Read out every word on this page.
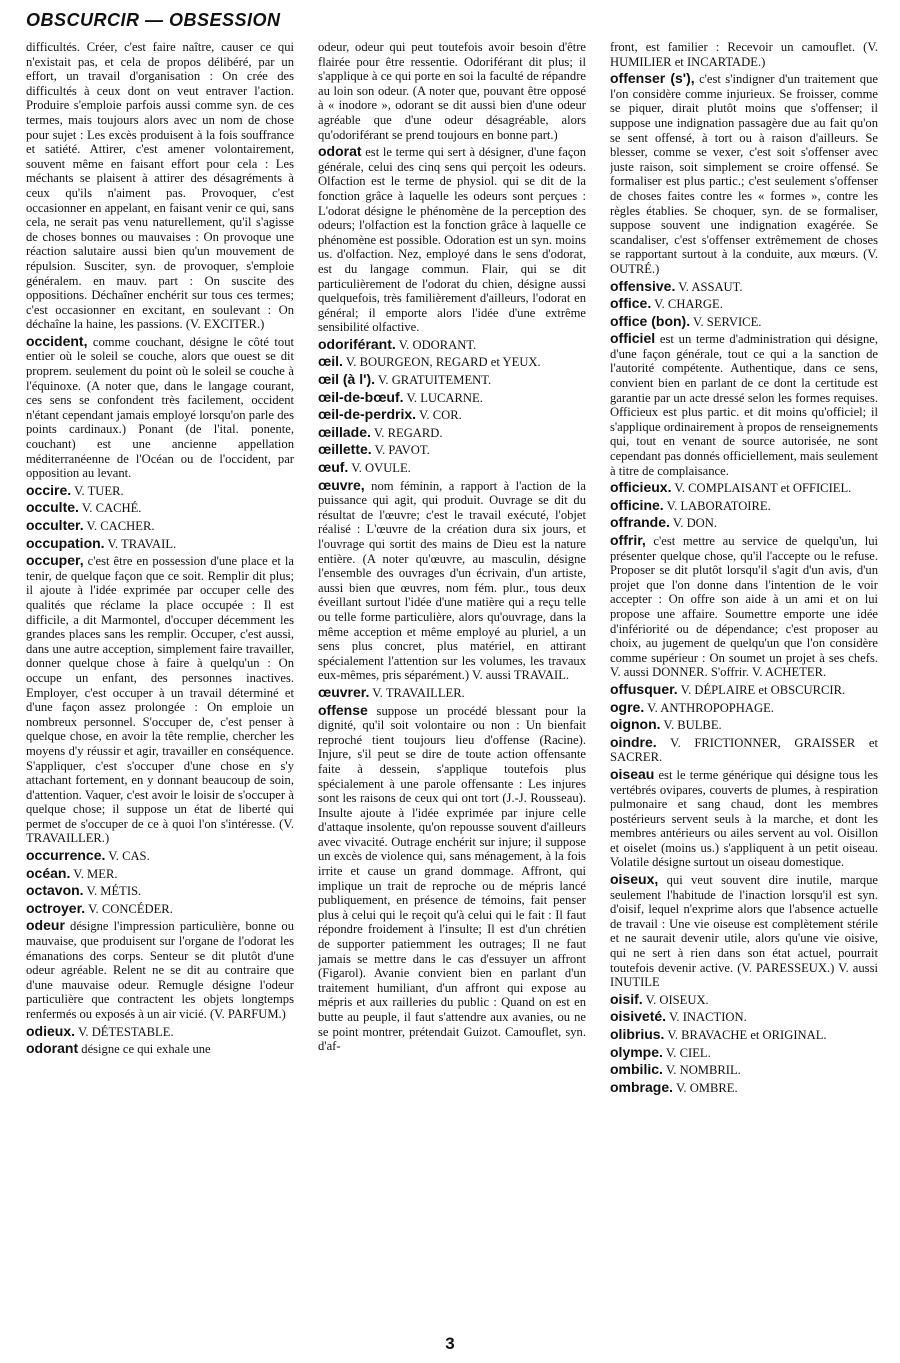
OBSCURCIR — OBSESSION
difficultés. Créer, c'est faire naître, causer ce qui n'existait pas, et cela de propos délibéré, par un effort, un travail d'organisation : On crée des difficultés à ceux dont on veut entraver l'action. Produire s'emploie parfois aussi comme syn. de ces termes, mais toujours alors avec un nom de chose pour sujet : Les excès produisent à la fois souffrance et satiété. Attirer, c'est amener volontairement, souvent même en faisant effort pour cela : Les méchants se plaisent à attirer des désagréments à ceux qu'ils n'aiment pas. Provoquer, c'est occasionner en appelant, en faisant venir ce qui, sans cela, ne serait pas venu naturellement, qu'il s'agisse de choses bonnes ou mauvaises : On provoque une réaction salutaire aussi bien qu'un mouvement de répulsion. Susciter, syn. de provoquer, s'emploie généralem. en mauv. part : On suscite des oppositions. Déchaîner enchérit sur tous ces termes; c'est occasionner en excitant, en soulevant : On déchaîne la haine, les passions. (V. EXCITER.)
occident, comme couchant, désigne le côté tout entier où le soleil se couche, alors que ouest se dit proprem. seulement du point où le soleil se couche à l'équinoxe. (A noter que, dans le langage courant, ces sens se confondent très facilement, occident n'étant cependant jamais employé lorsqu'on parle des points cardinaux.) Ponant (de l'ital. ponente, couchant) est une ancienne appellation méditerranéenne de l'Océan ou de l'occident, par opposition au levant.
occire. V. TUER.
occulte. V. CACHÉ.
occulter. V. CACHER.
occupation. V. TRAVAIL.
occuper, c'est être en possession d'une place et la tenir, de quelque façon que ce soit. Remplir dit plus; il ajoute à l'idée exprimée par occuper celle des qualités que réclame la place occupée : Il est difficile, a dit Marmontel, d'occuper décemment les grandes places sans les remplir. Occuper, c'est aussi, dans une autre acception, simplement faire travailler, donner quelque chose à faire à quelqu'un : On occupe un enfant, des personnes inactives. Employer, c'est occuper à un travail déterminé et d'une façon assez prolongée : On emploie un nombreux personnel. S'occuper de, c'est penser à quelque chose, en avoir la tête remplie, chercher les moyens d'y réussir et agir, travailler en conséquence. S'appliquer, c'est s'occuper d'une chose en s'y attachant fortement, en y donnant beaucoup de soin, d'attention. Vaquer, c'est avoir le loisir de s'occuper à quelque chose; il suppose un état de liberté qui permet de s'occuper de ce à quoi l'on s'intéresse. (V. TRAVAILLER.)
occurrence. V. CAS.
océan. V. MER.
octavon. V. MÉTIS.
octroyer. V. CONCÉDER.
odeur désigne l'impression particulière, bonne ou mauvaise, que produisent sur l'organe de l'odorat les émanations des corps. Senteur se dit plutôt d'une odeur agréable. Relent ne se dit au contraire que d'une mauvaise odeur. Remugle désigne l'odeur particulière que contractent les objets longtemps renfermés ou exposés à un air vicié. (V. PARFUM.)
odieux. V. DÉTESTABLE.
odorant désigne ce qui exhale une
odeur, odeur qui peut toutefois avoir besoin d'être flairée pour être ressentie. Odoriférant dit plus; il s'applique à ce qui porte en soi la faculté de répandre au loin son odeur. (A noter que, pouvant être opposé à « inodore », odorant se dit aussi bien d'une odeur agréable que d'une odeur désagréable, alors qu'odoriférant se prend toujours en bonne part.)
odorat est le terme qui sert à désigner, d'une façon générale, celui des cinq sens qui perçoit les odeurs. Olfaction est le terme de physiol. qui se dit de la fonction grâce à laquelle les odeurs sont perçues : L'odorat désigne le phénomène de la perception des odeurs; l'olfaction est la fonction grâce à laquelle ce phénomène est possible. Odoration est un syn. moins us. d'olfaction. Nez, employé dans le sens d'odorat, est du langage commun. Flair, qui se dit particulièrement de l'odorat du chien, désigne aussi quelquefois, très familièrement d'ailleurs, l'odorat en général; il emporte alors l'idée d'une extrême sensibilité olfactive.
odoriférant. V. ODORANT.
œil. V. BOURGEON, REGARD et YEUX.
œil (à l'). V. GRATUITEMENT.
œil-de-bœuf. V. LUCARNE.
œil-de-perdrix. V. COR.
œillade. V. REGARD.
œillette. V. PAVOT.
œuf. V. OVULE.
œuvre, nom féminin, a rapport à l'action de la puissance qui agit, qui produit. Ouvrage se dit du résultat de l'œuvre; c'est le travail exécuté, l'objet réalisé : L'œuvre de la création dura six jours, et l'ouvrage qui sortit des mains de Dieu est la nature entière. (A noter qu'œuvre, au masculin, désigne l'ensemble des ouvrages d'un écrivain, d'un artiste, aussi bien que œuvres, nom fém. plur., tous deux éveillant surtout l'idée d'une matière qui a reçu telle ou telle forme particulière, alors qu'ouvrage, dans la même acception et même employé au pluriel, a un sens plus concret, plus matériel, en attirant spécialement l'attention sur les volumes, les travaux eux-mêmes, pris séparément.) V. aussi TRAVAIL.
œuvrer. V. TRAVAILLER.
offense suppose un procédé blessant pour la dignité, qu'il soit volontaire ou non : Un bienfait reproché tient toujours lieu d'offense (Racine). Injure, s'il peut se dire de toute action offensante faite à dessein, s'applique toutefois plus spécialement à une parole offensante : Les injures sont les raisons de ceux qui ont tort (J.-J. Rousseau). Insulte ajoute à l'idée exprimée par injure celle d'attaque insolente, qu'on repousse souvent d'ailleurs avec vivacité. Outrage enchérit sur injure; il suppose un excès de violence qui, sans ménagement, à la fois irrite et cause un grand dommage. Affront, qui implique un trait de reproche ou de mépris lancé publiquement, en présence de témoins, fait penser plus à celui qui le reçoit qu'à celui qui le fait : Il faut répondre froidement à l'insulte; Il est d'un chrétien de supporter patiemment les outrages; Il ne faut jamais se mettre dans le cas d'essuyer un affront (Figarol). Avanie convient bien en parlant d'un traitement humiliant, d'un affront qui expose au mépris et aux railleries du public : Quand on est en butte au peuple, il faut s'attendre aux avanies, ou ne se point montrer, prétendait Guizot. Camouflet, syn. d'af-
front, est familier : Recevoir un camouflet. (V. HUMILIER et INCARTADE.)
offenser (s'), c'est s'indigner d'un traitement que l'on considère comme injurieux. Se froisser, comme se piquer, dirait plutôt moins que s'offenser; il suppose une indignation passagère due au fait qu'on se sent offensé, à tort ou à raison d'ailleurs. Se blesser, comme se vexer, c'est soit s'offenser avec juste raison, soit simplement se croire offensé. Se formaliser est plus partic.; c'est seulement s'offenser de choses faites contre les « formes », contre les règles établies. Se choquer, syn. de se formaliser, suppose souvent une indignation exagérée. Se scandaliser, c'est s'offenser extrêmement de choses se rapportant surtout à la conduite, aux mœurs. (V. OUTRÉ.)
offensive. V. ASSAUT.
office. V. CHARGE.
office (bon). V. SERVICE.
officiel est un terme d'administration qui désigne, d'une façon générale, tout ce qui a la sanction de l'autorité compétente. Authentique, dans ce sens, convient bien en parlant de ce dont la certitude est garantie par un acte dressé selon les formes requises. Officieux est plus partic. et dit moins qu'officiel; il s'applique ordinairement à propos de renseignements qui, tout en venant de source autorisée, ne sont cependant pas donnés officiellement, mais seulement à titre de complaisance.
officieux. V. COMPLAISANT et OFFICIEL.
officine. V. LABORATOIRE.
offrande. V. DON.
offrir, c'est mettre au service de quelqu'un, lui présenter quelque chose, qu'il l'accepte ou le refuse. Proposer se dit plutôt lorsqu'il s'agit d'un avis, d'un projet que l'on donne dans l'intention de le voir accepter : On offre son aide à un ami et on lui propose une affaire. Soumettre emporte une idée d'infériorité ou de dépendance; c'est proposer au choix, au jugement de quelqu'un que l'on considère comme supérieur : On soumet un projet à ses chefs. V. aussi DONNER. S'offrir. V. ACHETER.
offusquer. V. DÉPLAIRE et OBSCURCIR.
ogre. V. ANTHROPOPHAGE.
oignon. V. BULBE.
oindre. V. FRICTIONNER, GRAISSER et SACRER.
oiseau est le terme générique qui désigne tous les vertébrés ovipares, couverts de plumes, à respiration pulmonaire et sang chaud, dont les membres postérieurs servent seuls à la marche, et dont les membres antérieurs ou ailes servent au vol. Oisillon et oiselet (moins us.) s'appliquent à un petit oiseau. Volatile désigne surtout un oiseau domestique.
oiseux, qui veut souvent dire inutile, marque seulement l'habitude de l'inaction lorsqu'il est syn. d'oisif, lequel n'exprime alors que l'absence actuelle de travail : Une vie oiseuse est complètement stérile et ne saurait devenir utile, alors qu'une vie oisive, qui ne sert à rien dans son état actuel, pourrait toutefois devenir active. (V. PARESSEUX.) V. aussi INUTILE
oisif. V. OISEUX.
oisiveté. V. INACTION.
olibrius. V. BRAVACHE et ORIGINAL.
olympe. V. CIEL.
ombilic. V. NOMBRIL.
ombrage. V. OMBRE.
3
